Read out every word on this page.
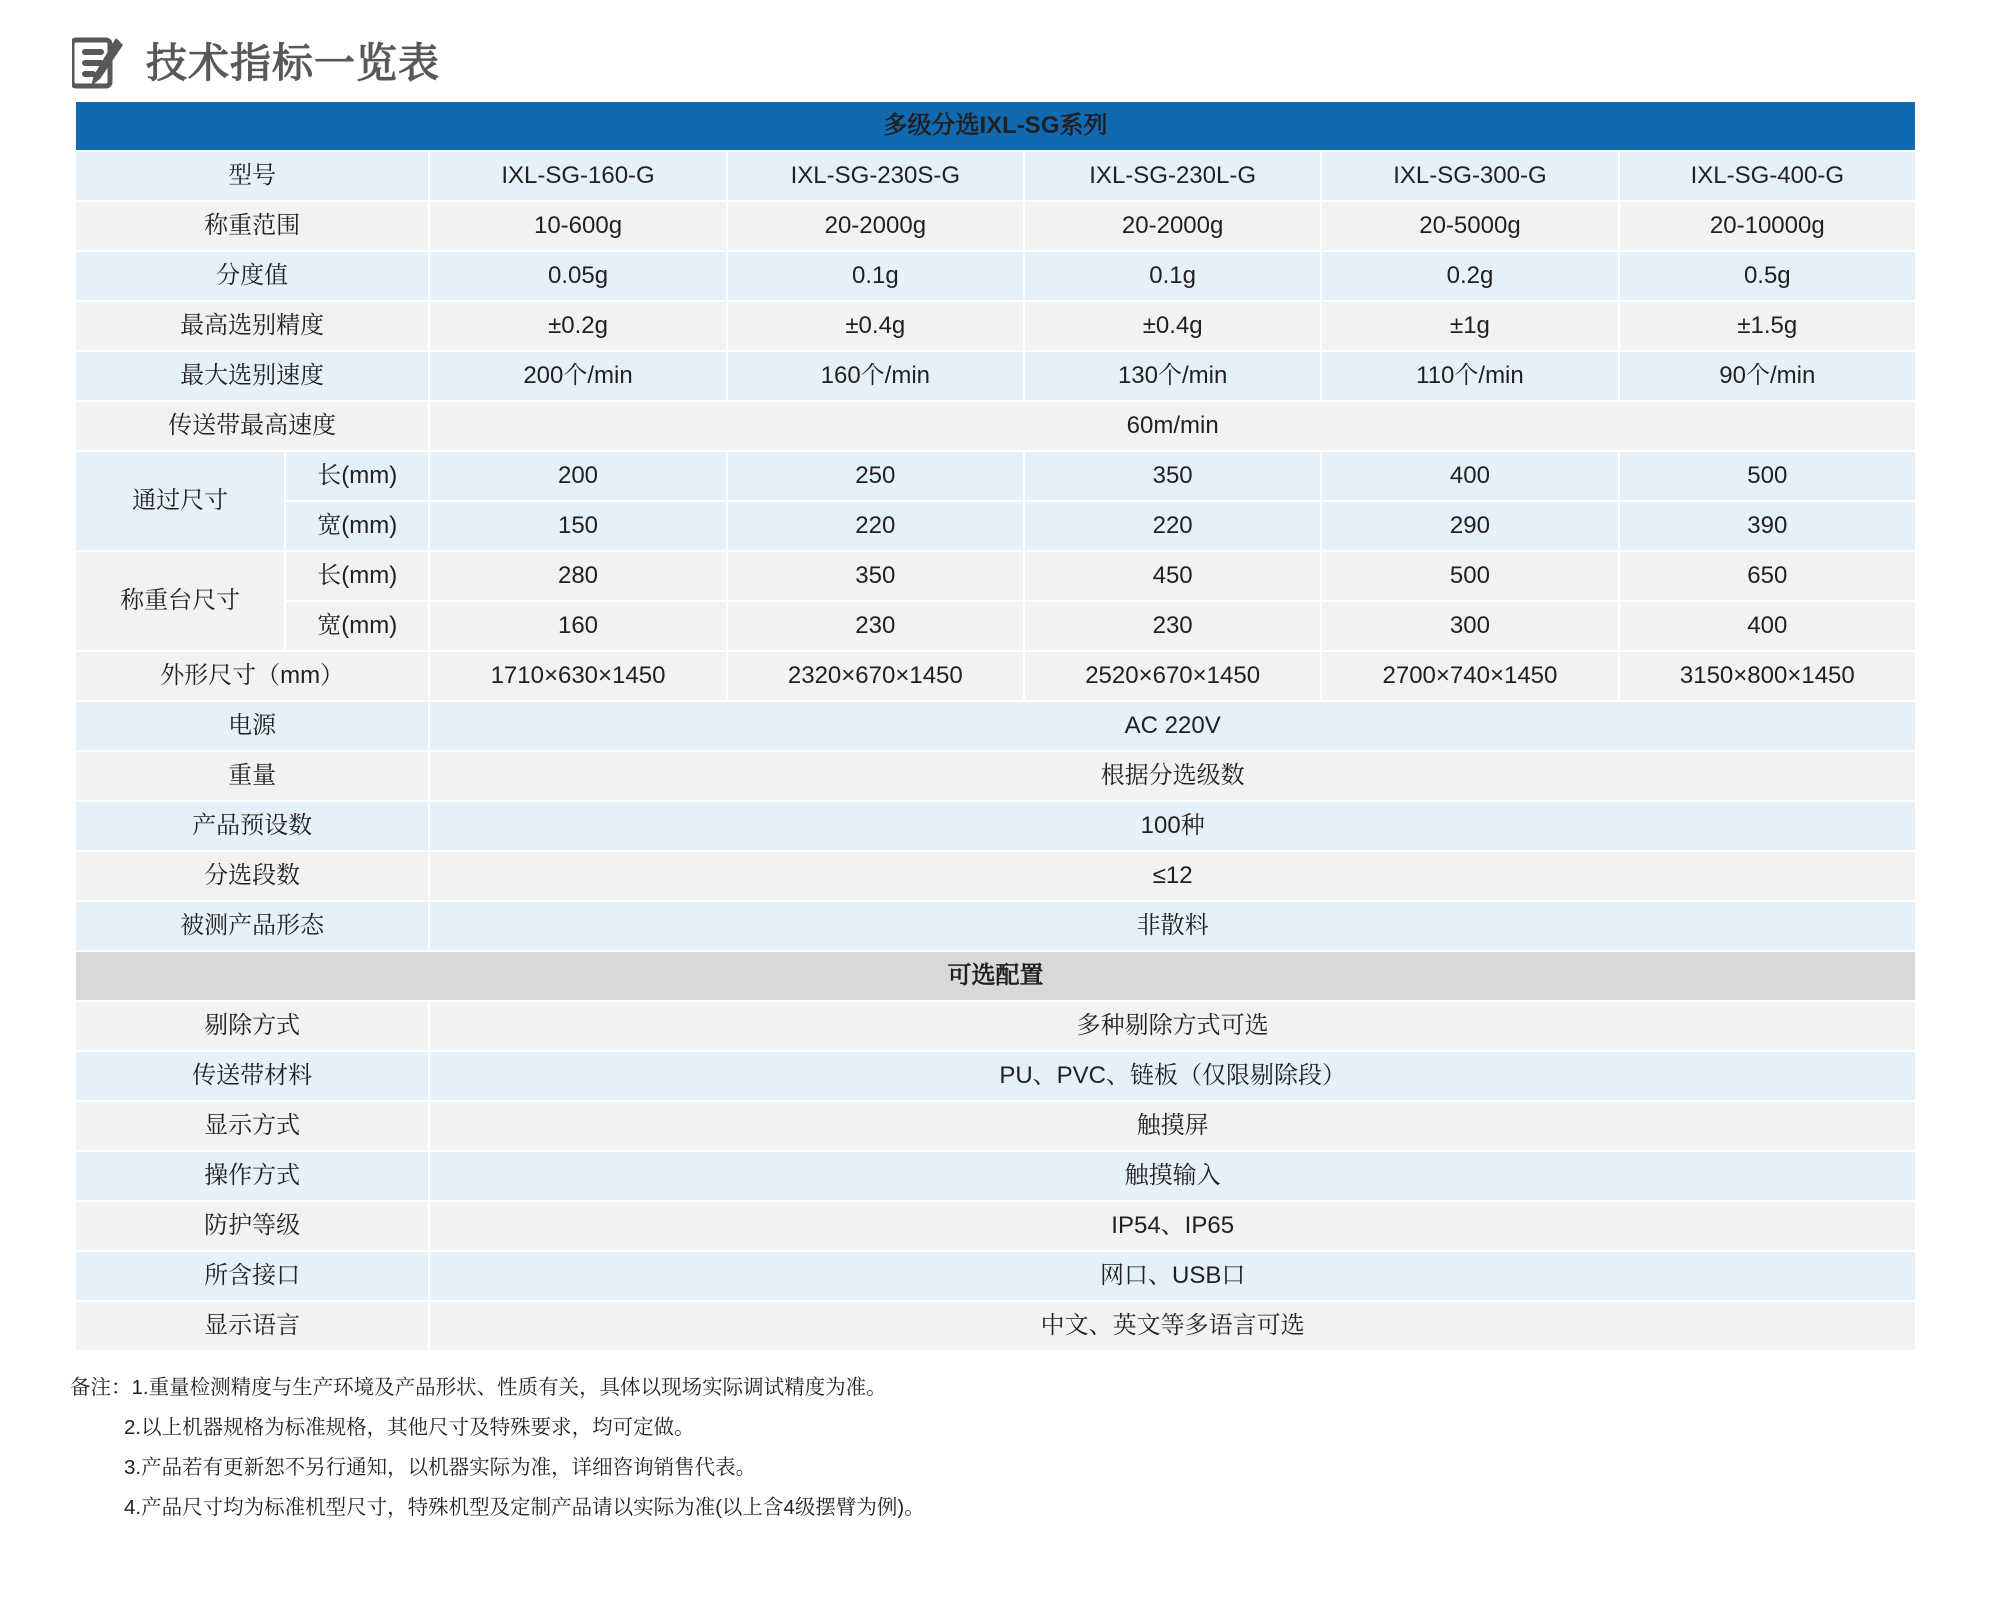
技术指标一览表
多级分选IXL-SG系列						
型号		IXL-SG-160-G	IXL-SG-230S-G	IXL-SG-230L-G	IXL-SG-300-G	IXL-SG-400-G
称重范围		10-600g	20-2000g	20-2000g	20-5000g	20-10000g
分度值		0.05g	0.1g	0.1g	0.2g	0.5g
最高选别精度		±0.2g	±0.4g	±0.4g	±1g	±1.5g
最大选别速度		200个/min	160个/min	130个/min	110个/min	90个/min
传送带最高速度		60m/min				
通过尺寸	长(mm)	200	250	350	400	500
	宽(mm)	150	220	220	290	390
称重台尺寸	长(mm)	280	350	450	500	650
	宽(mm)	160	230	230	300	400
外形尺寸（mm）		1710×630×1450	2320×670×1450	2520×670×1450	2700×740×1450	3150×800×1450
电源		AC 220V				
重量		根据分选级数				
产品预设数		100种				
分选段数		≤12				
被测产品形态		非散料				
可选配置						
剔除方式		多种剔除方式可选				
传送带材料		PU、PVC、链板（仅限剔除段）				
显示方式		触摸屏				
操作方式		触摸输入				
防护等级		IP54、IP65				
所含接口		网口、USB口				
显示语言		中文、英文等多语言可选				
备注：1.重量检测精度与生产环境及产品形状、性质有关，具体以现场实际调试精度为准。
2.以上机器规格为标准规格，其他尺寸及特殊要求，均可定做。
3.产品若有更新恕不另行通知，以机器实际为准，详细咨询销售代表。
4.产品尺寸均为标准机型尺寸，特殊机型及定制产品请以实际为准(以上含4级摆臂为例)。
